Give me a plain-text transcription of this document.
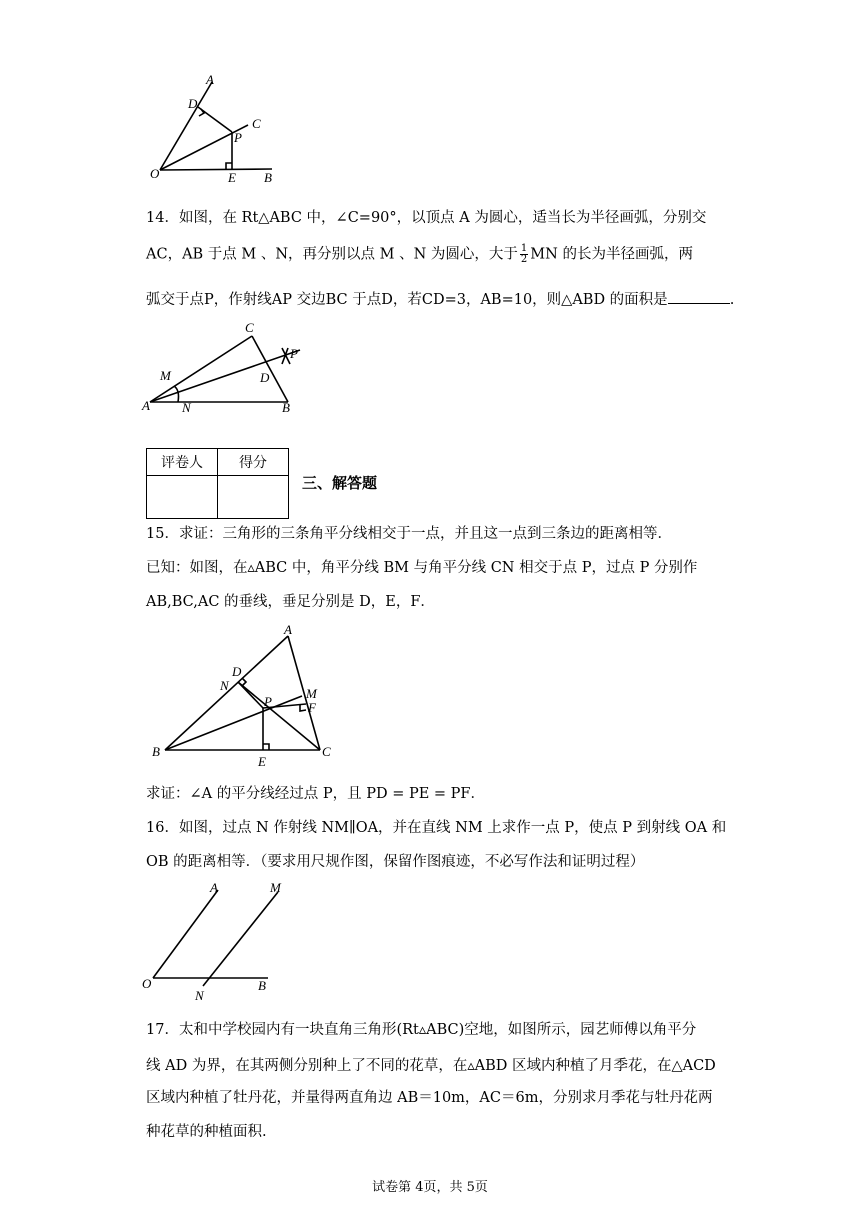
A
D
C
P
O	E B
14．如图，在 Rt△ABC 中，∠C=90°，以顶点 A 为圆心，适当长为半径画弧，分别交
AC，AB 于点 M 、N，再分别以点 M 、N 为圆心，大于 $\frac{1}{2}$ MN 的长为半径画弧，两
弧交于点P，作射线AP 交边BC 于点D，若CD=3，AB=10，则△ABD 的面积是	.
C
P
M	D
A N	B
评卷人	得分

三、解答题
15．求证：三角形的三条角平分线相交于一点，并且这一点到三条边的距离相等．
已知：如图，在▵ABC 中，角平分线 BM 与角平分线 CN 相交于点 P，过点 P 分别作
AB,BC,AC 的垂线，垂足分别是 D，E，F．
A
D
N
M
P	F
B
E
C
求证：∠A 的平分线经过点 P，且 PD = PE = PF．
16．如图，过点 N 作射线 NM∥OA，并在直线 NM 上求作一点 P，使点 P 到射线 OA 和
OB 的距离相等．（要求用尺规作图，保留作图痕迹，不必写作法和证明过程）
A	M
O
N
B
17．太和中学校园内有一块直角三角形(Rt▵ABC)空地，如图所示，园艺师傅以角平分
线 AD 为界，在其两侧分别种上了不同的花草，在▵ABD 区域内种植了月季花，在△ACD
区域内种植了牡丹花，并量得两直角边 AB＝10m，AC＝6m，分别求月季花与牡丹花两
种花草的种植面积.
试卷第 4页，共 5页
